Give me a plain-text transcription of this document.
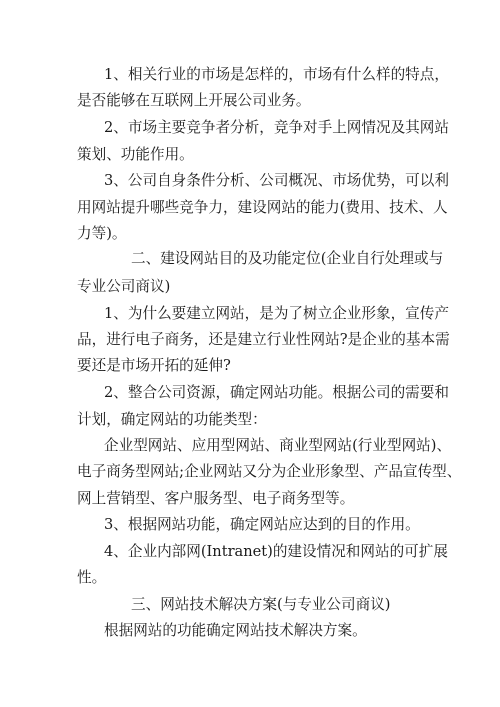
1、相关行业的市场是怎样的，市场有什么样的特点，
是否能够在互联网上开展公司业务。
2、市场主要竞争者分析，竞争对手上网情况及其网站
策划、功能作用。
3、公司自身条件分析、公司概况、市场优势，可以利
用网站提升哪些竞争力，建设网站的能力(费用、技术、人
力等)。
二、建设网站目的及功能定位(企业自行处理或与
专业公司商议)
1、为什么要建立网站，是为了树立企业形象，宣传产
品，进行电子商务，还是建立行业性网站?是企业的基本需
要还是市场开拓的延伸?
2、整合公司资源，确定网站功能。根据公司的需要和
计划，确定网站的功能类型：
企业型网站、应用型网站、商业型网站(行业型网站)、
电子商务型网站;企业网站又分为企业形象型、产品宣传型、
网上营销型、客户服务型、电子商务型等。
3、根据网站功能，确定网站应达到的目的作用。
4、企业内部网(Intranet)的建设情况和网站的可扩展
性。
三、网站技术解决方案(与专业公司商议)
根据网站的功能确定网站技术解决方案。
